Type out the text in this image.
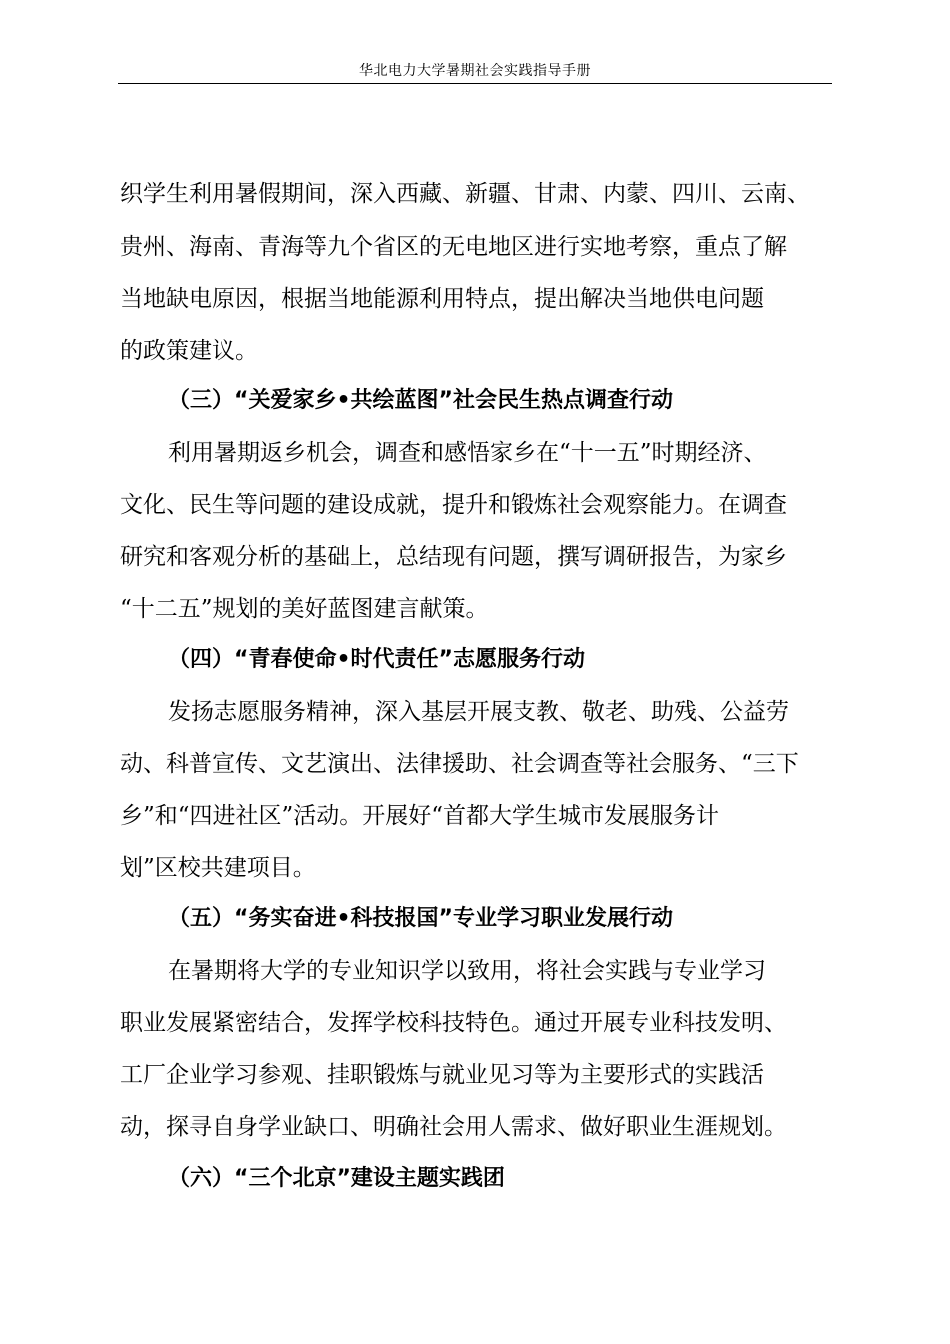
华北电力大学暑期社会实践指导手册
织学生利用暑假期间，深入西藏、新疆、甘肃、内蒙、四川、云南、
贵州、海南、青海等九个省区的无电地区进行实地考察，重点了解
当地缺电原因，根据当地能源利用特点，提出解决当地供电问题
的政策建议。
（三）“关爱家乡•共绘蓝图”社会民生热点调查行动
利用暑期返乡机会，调查和感悟家乡在“十一五”时期经济、
文化、民生等问题的建设成就，提升和锻炼社会观察能力。在调查
研究和客观分析的基础上，总结现有问题，撰写调研报告，为家乡
“十二五”规划的美好蓝图建言献策。
（四）“青春使命•时代责任”志愿服务行动
发扬志愿服务精神，深入基层开展支教、敬老、助残、公益劳
动、科普宣传、文艺演出、法律援助、社会调查等社会服务、“三下
乡”和“四进社区”活动。开展好“首都大学生城市发展服务计
划”区校共建项目。
（五）“务实奋进•科技报国”专业学习职业发展行动
在暑期将大学的专业知识学以致用，将社会实践与专业学习
职业发展紧密结合，发挥学校科技特色。通过开展专业科技发明、
工厂企业学习参观、挂职锻炼与就业见习等为主要形式的实践活
动，探寻自身学业缺口、明确社会用人需求、做好职业生涯规划。
（六）“三个北京”建设主题实践团
